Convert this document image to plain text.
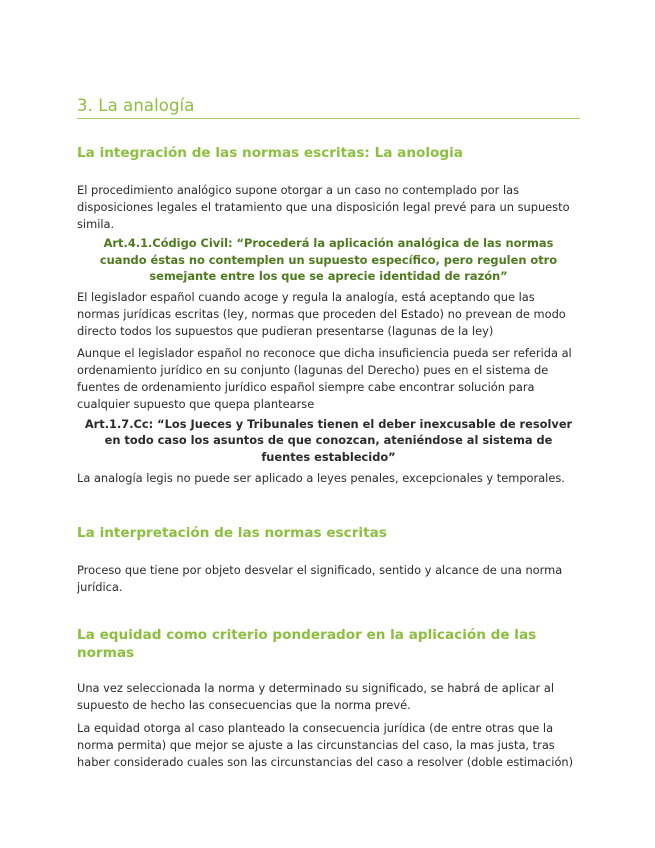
3. La analogía
La integración de las normas escritas: La anologia

El procedimiento analógico supone otorgar a un caso no contemplado por las disposiciones legales el tratamiento que una disposición legal prevé para un supuesto simila.

Art.4.1.Código Civil: “Procederá la aplicación analógica de las normas cuando éstas no contemplen un supuesto específico, pero regulen otro semejante entre los que se aprecie identidad de razón”

El legislador español cuando acoge y regula la analogía, está aceptando que las normas jurídicas escritas (ley, normas que proceden del Estado) no prevean de modo directo todos los supuestos que pudieran presentarse (lagunas de la ley)

Aunque el legislador español no reconoce que dicha insuficiencia pueda ser referida al ordenamiento jurídico en su conjunto (lagunas del Derecho) pues en el sistema de fuentes de ordenamiento jurídico español siempre cabe encontrar solución para cualquier supuesto que quepa plantearse

Art.1.7.Cc: “Los Jueces y Tribunales tienen el deber inexcusable de resolver en todo caso los asuntos de que conozcan, ateniéndose al sistema de fuentes establecido”

La analogía legis no puede ser aplicado a leyes penales, excepcionales y temporales.

La interpretación de las normas escritas

Proceso que tiene por objeto desvelar el significado, sentido y alcance de una norma jurídica.

La equidad como criterio ponderador en la aplicación de las normas

Una vez seleccionada la norma y determinado su significado, se habrá de aplicar al supuesto de hecho las consecuencias que la norma prevé.

La equidad otorga al caso planteado la consecuencia jurídica (de entre otras que la norma permita) que mejor se ajuste a las circunstancias del caso, la mas justa, tras haber considerado cuales son las circunstancias del caso a resolver (doble estimación)
